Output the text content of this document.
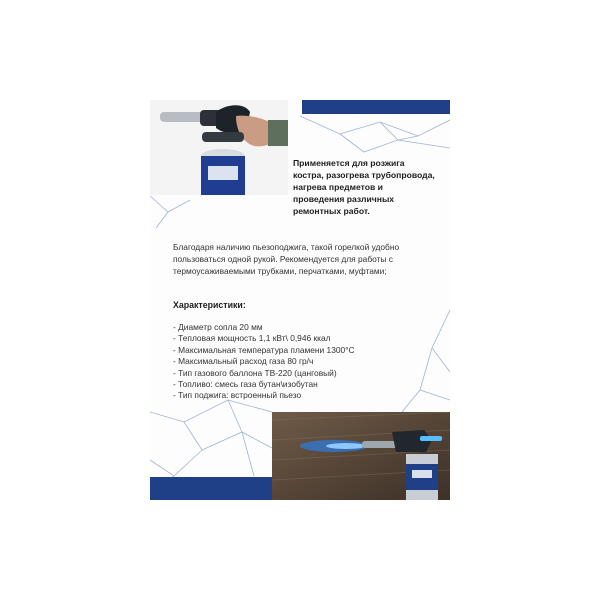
Применяется для розжига
костра, разогрева трубопровода,
нагрева предметов и
проведения различных
ремонтных работ.
Благодаря наличию пьезоподжига, такой горелкой удобно
пользоваться одной рукой. Рекомендуется для работы с
термоусаживаемыми трубками, перчатками, муфтами;
Характеристики:
- Диаметр сопла 20 мм
- Тепловая мощность 1,1 кВт\ 0,946 ккал
- Максимальная температура пламени 1300°С
- Максимальный расход газа 80 гр/ч
- Тип газового баллона ТВ-220 (цанговый)
- Топливо: смесь газа бутан\изобутан
- Тип поджига: встроенный пьезо
